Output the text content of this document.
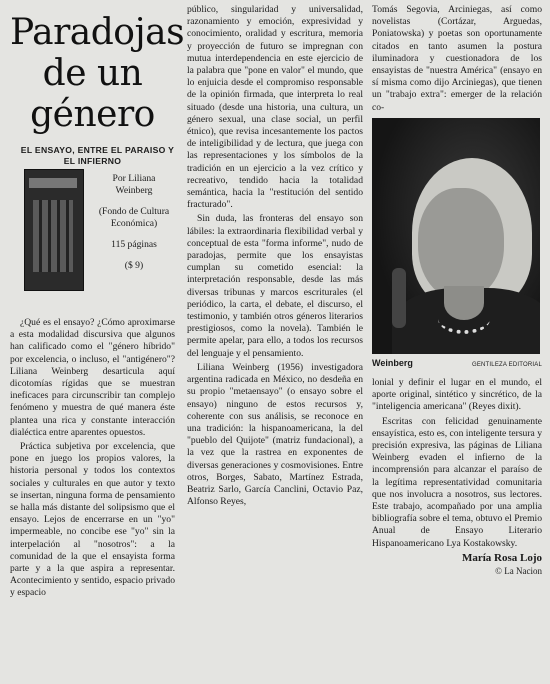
Paradojas de un género

EL ENSAYO, ENTRE EL PARAISO Y EL INFIERNO

Por Liliana Weinberg
(Fondo de Cultura Económica)
115 páginas
($ 9)

¿Qué es el ensayo? ¿Cómo aproximarse a esta modalidad discursiva que algunos han calificado como el "género híbrido" por excelencia, o incluso, el "antigénero"? Liliana Weinberg desarticula aquí dicotomías rígidas que se muestran ineficaces para circunscribir tan complejo fenómeno y muestra de qué manera éste plantea una rica y constante interacción dialéctica entre aparentes opuestos.

Práctica subjetiva por excelencia, que pone en juego los propios valores, la historia personal y todos los contextos sociales y culturales en que autor y texto se insertan, ninguna forma de pensamiento se halla más distante del solipsismo que el ensayo. Lejos de encerrarse en un "yo" impermeable, no concibe ese "yo" sin la interpelación al "nosotros": a la comunidad de la que el ensayista forma parte y a la que aspira a representar. Acontecimiento y sentido, espacio privado y espacio

público, singularidad y universalidad, razonamiento y emoción, expresividad y conocimiento, oralidad y escritura, memoria y proyección de futuro se impregnan con mutua interdependencia en este ejercicio de la palabra que "pone en valor" el mundo, que lo enjuicia desde el compromiso responsable de la opinión firmada, que interpreta lo real situado (desde una historia, una cultura, un género sexual, una clase social, un perfil étnico), que revisa incesantemente los pactos de inteligibilidad y de lectura, que juega con las representaciones y los símbolos de la tradición en un ejercicio a la vez crítico y recreativo, tendido hacia la totalidad semántica, hacia la "restitución del sentido fracturado".

Sin duda, las fronteras del ensayo son lábiles: la extraordinaria flexibilidad verbal y conceptual de esta "forma informe", nudo de paradojas, permite que los ensayistas cumplan su cometido esencial: la interpretación responsable, desde las más diversas tribunas y marcos escriturales (el periódico, la carta, el debate, el discurso, el testimonio, y también otros géneros literarios prestigiosos, como la novela). También le permite apelar, para ello, a todos los recursos del lenguaje y el pensamiento.

Liliana Weinberg (1956) investigadora argentina radicada en México, no desdeña en su propio "metaensayo" (o ensayo sobre el ensayo) ninguno de estos recursos y, coherente con sus análisis, se reconoce en una tradición: la hispanoamericana, la del "pueblo del Quijote" (matriz fundacional), a la vez que la rastrea en exponentes de diversas generaciones y cosmovisiones. Entre otros, Borges, Sabato, Martínez Estrada, Beatriz Sarlo, García Canclini, Octavio Paz, Alfonso Reyes,

Tomás Segovia, Arciniegas, así como novelistas (Cortázar, Arguedas, Poniatowska) y poetas son oportunamente citados en tanto asumen la postura iluminadora y cuestionadora de los ensayistas de "nuestra América" (ensayo en sí misma como dijo Arciniegas), que tienen un "trabajo extra": emerger de la relación co-

Weinberg	GENTILEZA EDITORIAL

lonial y definir el lugar en el mundo, el aporte original, sintético y sincrético, de la "inteligencia americana" (Reyes dixit).

Escritas con felicidad genuinamente ensayística, esto es, con inteligente tersura y precisión expresiva, las páginas de Liliana Weinberg evaden el infierno de la incomprensión para alcanzar el paraíso de la legítima representatividad comunitaria que nos involucra a nosotros, sus lectores. Este trabajo, acompañado por una amplia bibliografía sobre el tema, obtuvo el Premio Anual de Ensayo Literario Hispanoamericano Lya Kostakowsky.

María Rosa Lojo
© La Nacion
